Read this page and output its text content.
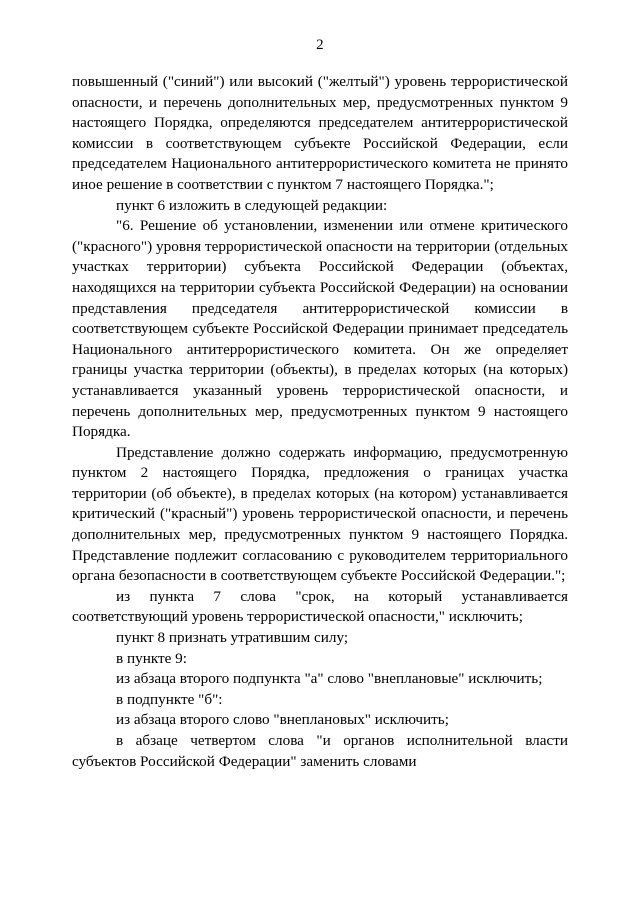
2

повышенный ("синий") или высокий ("желтый") уровень террористической опасности, и перечень дополнительных мер, предусмотренных пунктом 9 настоящего Порядка, определяются председателем антитеррористической комиссии в соответствующем субъекте Российской Федерации, если председателем Национального антитеррористического комитета не принято иное решение в соответствии с пунктом 7 настоящего Порядка.";

пункт 6 изложить в следующей редакции:

"6. Решение об установлении, изменении или отмене критического ("красного") уровня террористической опасности на территории (отдельных участках территории) субъекта Российской Федерации (объектах, находящихся на территории субъекта Российской Федерации) на основании представления председателя антитеррористической комиссии в соответствующем субъекте Российской Федерации принимает председатель Национального антитеррористического комитета. Он же определяет границы участка территории (объекты), в пределах которых (на которых) устанавливается указанный уровень террористической опасности, и перечень дополнительных мер, предусмотренных пунктом 9 настоящего Порядка.

Представление должно содержать информацию, предусмотренную пунктом 2 настоящего Порядка, предложения о границах участка территории (об объекте), в пределах которых (на котором) устанавливается критический ("красный") уровень террористической опасности, и перечень дополнительных мер, предусмотренных пунктом 9 настоящего Порядка. Представление подлежит согласованию с руководителем территориального органа безопасности в соответствующем субъекте Российской Федерации.";

из пункта 7 слова "срок, на который устанавливается соответствующий уровень террористической опасности," исключить;

пункт 8 признать утратившим силу;

в пункте 9:

из абзаца второго подпункта "а" слово "внеплановые" исключить;

в подпункте "б":

из абзаца второго слово "внеплановых" исключить;

в абзаце четвертом слова "и органов исполнительной власти субъектов Российской Федерации" заменить словами
